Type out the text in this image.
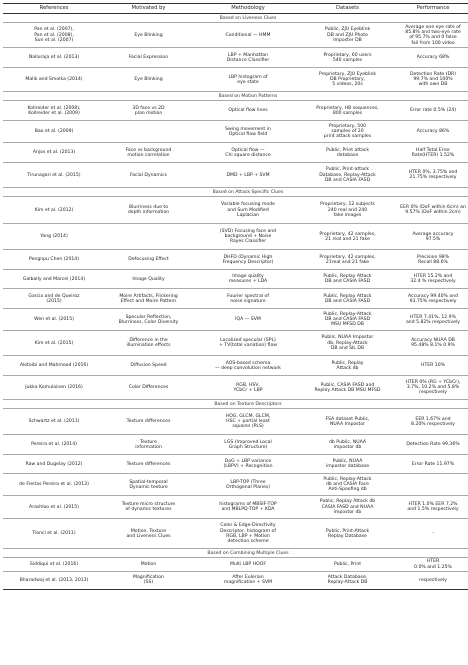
References	Motivated by	Methodology	Datasets	Performance
	Based on Liveness Clues			
Pan et al. (2007),
Pan et al. (2008),
Sun et al. (2007)	Eye Blinking	Conditional — HMM	Public, ZJU Eyeblink
DB and ZJU Photo
Imposter DB	Average one eye rate of
85.8% and two-eye rate
of 95.7% and 0 false
fail from 100 video
Nalluraja et al. (2013)	Facial Expression	LBP + Manhattan
Distance Classifier	Proprietary, 60 users
540 samples	Accuracy 68%
Malik and Smolka (2014)	Eye Blinking	LBP histogram of
eye state	Proprietary, ZJU Eyeblink
DB Proprietary,
5 videos, 20s	Detection Rate (DR)
99.7% and 100%
with own DB
	Based on Motion Patterns			
Kollreider et al. (2008),
Kollreider et al. (2009)	3D face vs 2D
plan motion	Optical flow lines	Proprietary, HB sequences,
800 samples	Error rate 0.5% (24)
Bao et al. (2009)		Swing movement in
Optical flow field	Proprietary, 500
samples of 20
print attack samples	Accuracy 86%
Anjos et al. (2013)	Face vs background
motion correlation	Optical flow —
Chi square distance	Public, Print attack
database	Half Total Error
Rate(HTER) 1.52%
Tirunagari et al. (2015)	Facial Dynamics	DMD + LBP + SVM	Public, Print-attack
Database, Replay-Attack
DB and CASIA FASD	HTER 0%, 3.75% and
21.75% respectively
	Based on Attack Specific Clues			
Kim et al. (2012)	Blurriness due to
depth information	Variable focusing mode
and Sum Modified
Laplacian	Proprietary, 12 subjects
240 real and 240
fake images	EER 0% (DoF within 6cm) an
9.57% (DoF within 2cm)
Yang (2014)		(SVD) Focusing face and
background + Noise
Rayes Classifier	Proprietary, 42 samples,
21 real and 21 fake	Average accuracy
97.5%
Pengnpu Chen (2014)	Defocusing Effect	DHFD (Dynamic High
Frequency Descriptor)	Proprietary, 42 samples,
21real and 21 fake	Precision 98%
Recall 88.6%
Galbally and Marcel (2014)	Image Quality	Image quality
measures + LDA	Public, Replay Attack
DB and CASIA FASD	HTER 15.2% and
32.4 % respectively
Garcia and de Queiroz
(2015)	Moire Artifacts, Flickering
Effect and Moire Pattern	Fourier spectral of
noise signature	Public, Replay Attack
DB and CASIA FASD	Accuracy 99.40% and
93.75% respectively
Wen et al. (2015)	Specular Reflection,
Blurriness, Color Diversity	IQA — SVM	Public, Replay-Attack
DB and CASIA FASD
MSU MFSD DB	HTER 7.41%, 12.9%
and 5.82% respectively
Kim et al. (2015)	Difference in the
illumination effects	Localized specular (SPL)
+ TV(total variation) flow	Public, NUAA Impostor
db, Replay-Attack
DB and SIL DB	Accuracy NUAA DB
95.48% 8.1% 0.9%
Alotaibi and Mahmood (2016)	Diffusion Speed	AOS-based schema
— deep convolution network	Public, Replay
Attack db	HTER 10%
Jukka Komulainen (2016)	Color Differences	RGB, HSV,
YCbCr + LBP	Public, CASIA FASD and
Replay Attack DB MSU MFSD	HTER 0% (RG + YCbCr),
3.7%, 10.2% and 5.8%
respectively
	Based on Texture Descriptors			
Schwartz et al. (2011)	Texture differences	HOG, GLCM, GLCM,
HSC + partial least
squares (PLS)	FSA dataset Public,
NUAA Impostor	EER 1.67% and
8.20% respectively
Pereira et al. (2014)	Texture
information	LGS (Improved Local
Graph Structure)	db Public, NUAA
impostor db	Detection Rate 99.36%
Raw and Dugelay (2012)	Texture differences	DoG + LBP variance
(LBPV) + Recognition	Public, NUAA
impostor database	Error Rate 11.97%
de Freitas Pereira et al. (2013)	Spatial-temporal
Dynamic texture	LBP-TOP (Three
Orthogonal Planes)	Public, Replay-Attack
db and CASIA Face
Anti-Spoofing db	
Arashloo et al. (2015)	Texture micro structure
of dynamic textures	histograms of MBSIF-TOP
and MBLPQ-TOP + KDA	Public, Replay Attack db
CASIA FASD and NUAA
impostor db	HTER 1.0% EER 7.2%
and 1.5% respectively
Tronci et al. (2011)	Motion, Texture
and Liveness Clues	Color & Edge-Directivity
Descriptor, histogram of
RGB, LBP + Motion
detection scheme	Public, Print-Attack
Replay Database	-
	Based on Combining Multiple Clues			
Siddiqui et al. (2016)	Motion	Multi LBP HOOF	Public, Print	HTER
0.0% and 1.25%
Bharadwaj et al. (2013, 2013)	Magnification
(SS)	After Eulerian
magnification + SVM	Attack Database,
Replay-Attack DB	respectively
